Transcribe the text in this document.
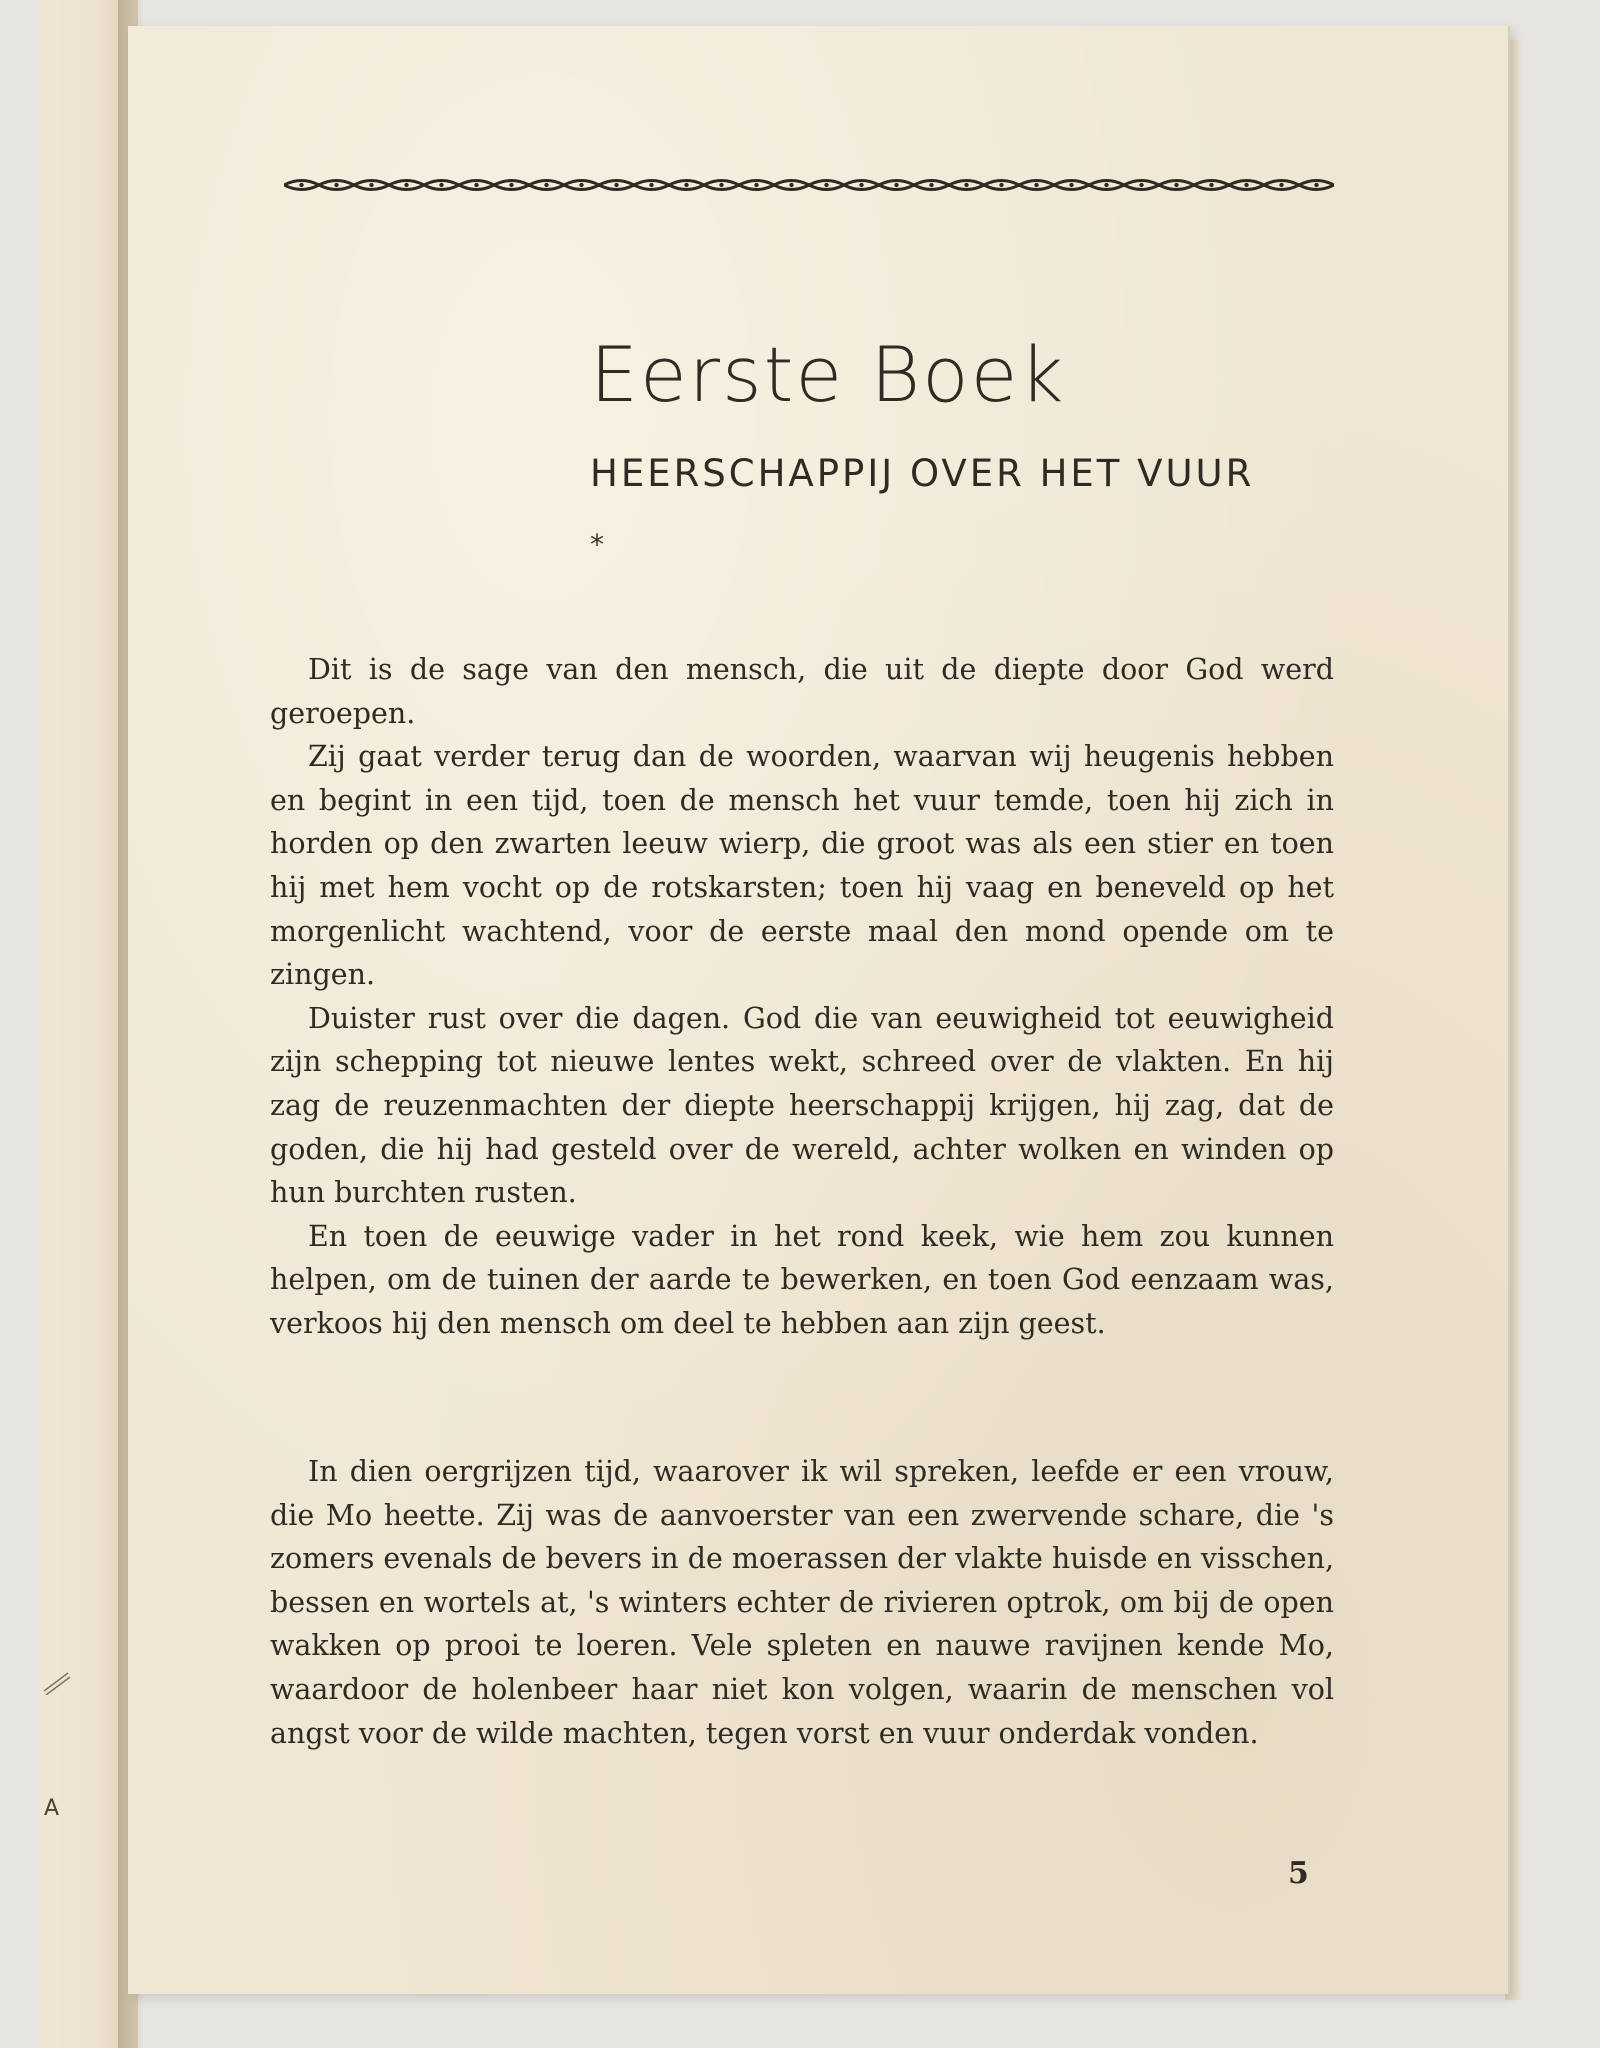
A
Eerste Boek
HEERSCHAPPIJ OVER HET VUUR
*

Dit is de sage van den mensch, die uit de diepte door God werd geroepen.

Zij gaat verder terug dan de woorden, waarvan wij heugenis hebben en begint in een tijd, toen de mensch het vuur temde, toen hij zich in horden op den zwarten leeuw wierp, die groot was als een stier en toen hij met hem vocht op de rotskarsten; toen hij vaag en beneveld op het morgenlicht wachtend, voor de eerste maal den mond opende om te zingen.

Duister rust over die dagen. God die van eeuwigheid tot eeuwigheid zijn schepping tot nieuwe lentes wekt, schreed over de vlakten. En hij zag de reuzenmachten der diepte heerschappij krijgen, hij zag, dat de goden, die hij had gesteld over de wereld, achter wolken en winden op hun burchten rusten.

En toen de eeuwige vader in het rond keek, wie hem zou kunnen helpen, om de tuinen der aarde te bewerken, en toen God eenzaam was, verkoos hij den mensch om deel te hebben aan zijn geest.

In dien oergrijzen tijd, waarover ik wil spreken, leefde er een vrouw, die Mo heette. Zij was de aanvoerster van een zwervende schare, die 's zomers evenals de bevers in de moerassen der vlakte huisde en visschen, bessen en wortels at, 's winters echter de rivieren optrok, om bij de open wakken op prooi te loeren. Vele spleten en nauwe ravijnen kende Mo, waardoor de holenbeer haar niet kon volgen, waarin de menschen vol angst voor de wilde machten, tegen vorst en vuur onderdak vonden.

5
